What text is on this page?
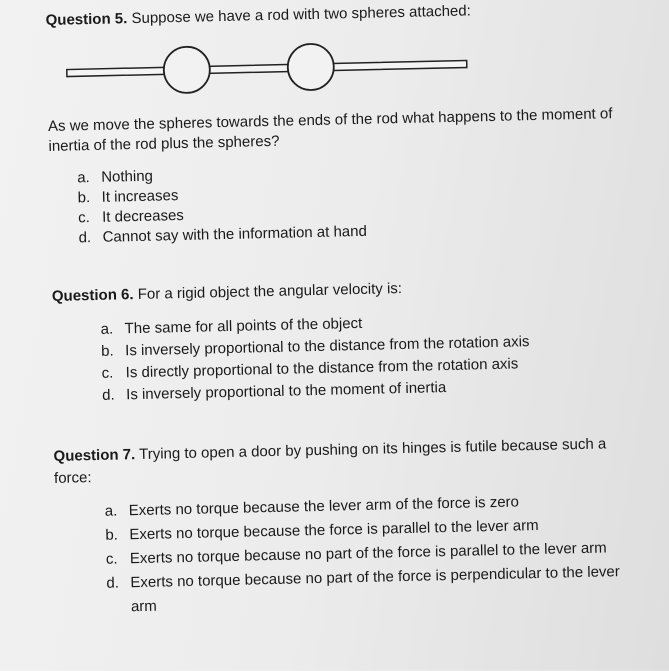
Question 5. Suppose we have a rod with two spheres attached:
As we move the spheres towards the ends of the rod what happens to the moment of
inertia of the rod plus the spheres?
a. Nothing
b. It increases
c. It decreases
d. Cannot say with the information at hand
Question 6. For a rigid object the angular velocity is:
a. The same for all points of the object
b. Is inversely proportional to the distance from the rotation axis
c. Is directly proportional to the distance from the rotation axis
d. Is inversely proportional to the moment of inertia
Question 7. Trying to open a door by pushing on its hinges is futile because such a
force:
a. Exerts no torque because the lever arm of the force is zero
b. Exerts no torque because the force is parallel to the lever arm
c. Exerts no torque because no part of the force is parallel to the lever arm
d. Exerts no torque because no part of the force is perpendicular to the lever
arm
